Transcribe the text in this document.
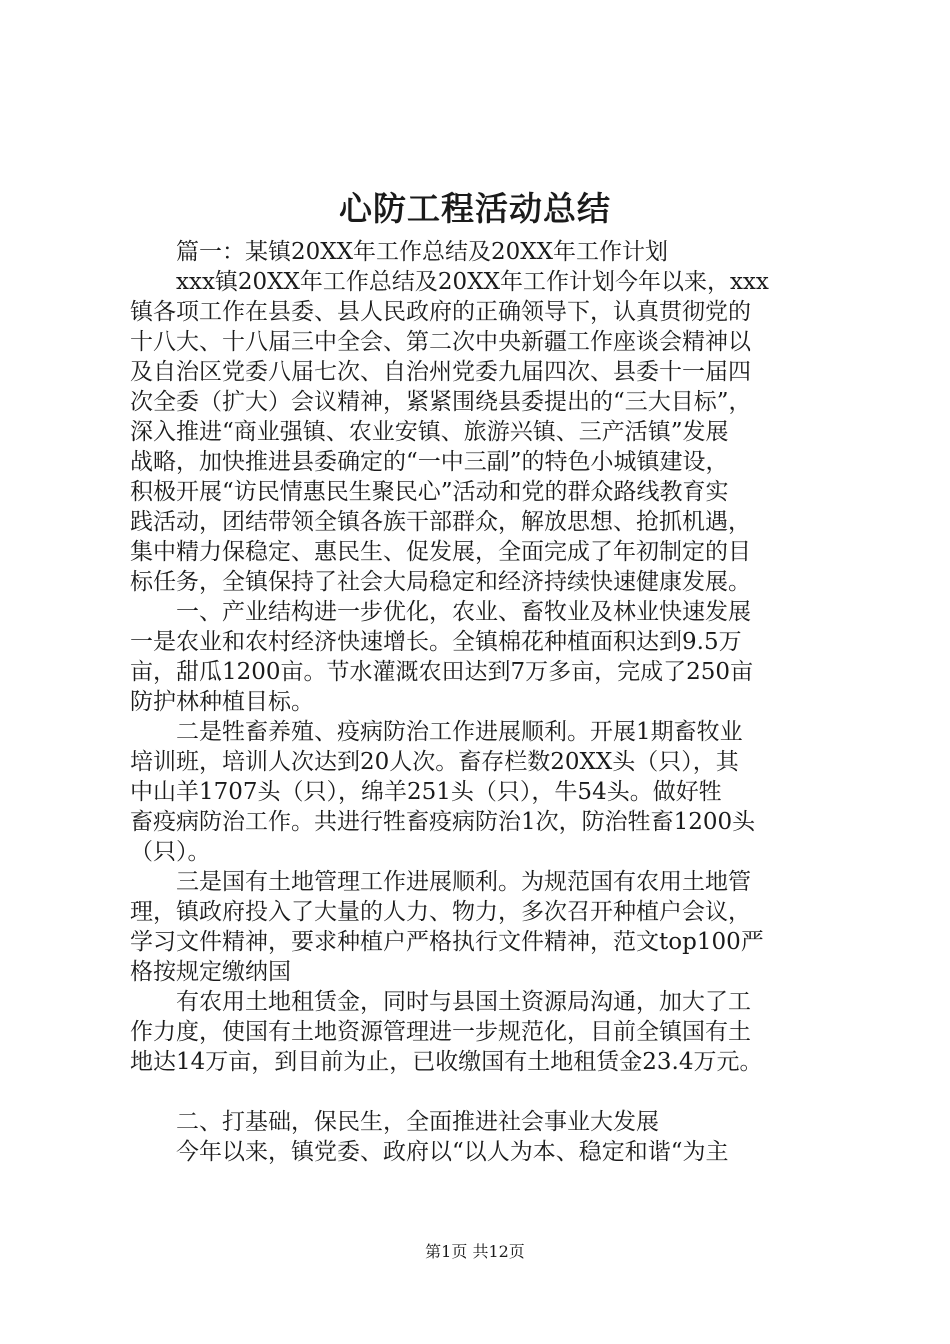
心防工程活动总结
篇一：某镇20XX年工作总结及20XX年工作计划
xxx镇20XX年工作总结及20XX年工作计划今年以来，xxx
镇各项工作在县委、县人民政府的正确领导下，认真贯彻党的
十八大、十八届三中全会、第二次中央新疆工作座谈会精神以
及自治区党委八届七次、自治州党委九届四次、县委十一届四
次全委（扩大）会议精神，紧紧围绕县委提出的“三大目标”，
深入推进“商业强镇、农业安镇、旅游兴镇、三产活镇”发展
战略，加快推进县委确定的“一中三副”的特色小城镇建设，
积极开展“访民情惠民生聚民心”活动和党的群众路线教育实
践活动，团结带领全镇各族干部群众，解放思想、抢抓机遇，
集中精力保稳定、惠民生、促发展，全面完成了年初制定的目
标任务，全镇保持了社会大局稳定和经济持续快速健康发展。
一、产业结构进一步优化，农业、畜牧业及林业快速发展
一是农业和农村经济快速增长。全镇棉花种植面积达到9.5万
亩，甜瓜1200亩。节水灌溉农田达到7万多亩，完成了250亩
防护林种植目标。
二是牲畜养殖、疫病防治工作进展顺利。开展1期畜牧业
培训班，培训人次达到20人次。畜存栏数20XX头（只），其
中山羊1707头（只），绵羊251头（只），牛54头。做好牲
畜疫病防治工作。共进行牲畜疫病防治1次，防治牲畜1200头
（只）。
三是国有土地管理工作进展顺利。为规范国有农用土地管
理，镇政府投入了大量的人力、物力，多次召开种植户会议，
学习文件精神，要求种植户严格执行文件精神，范文top100严
格按规定缴纳国
有农用土地租赁金，同时与县国土资源局沟通，加大了工
作力度，使国有土地资源管理进一步规范化，目前全镇国有土
地达14万亩，到目前为止，已收缴国有土地租赁金23.4万元。
二、打基础，保民生，全面推进社会事业大发展
今年以来，镇党委、政府以“以人为本、稳定和谐“为主
第1页 共12页
